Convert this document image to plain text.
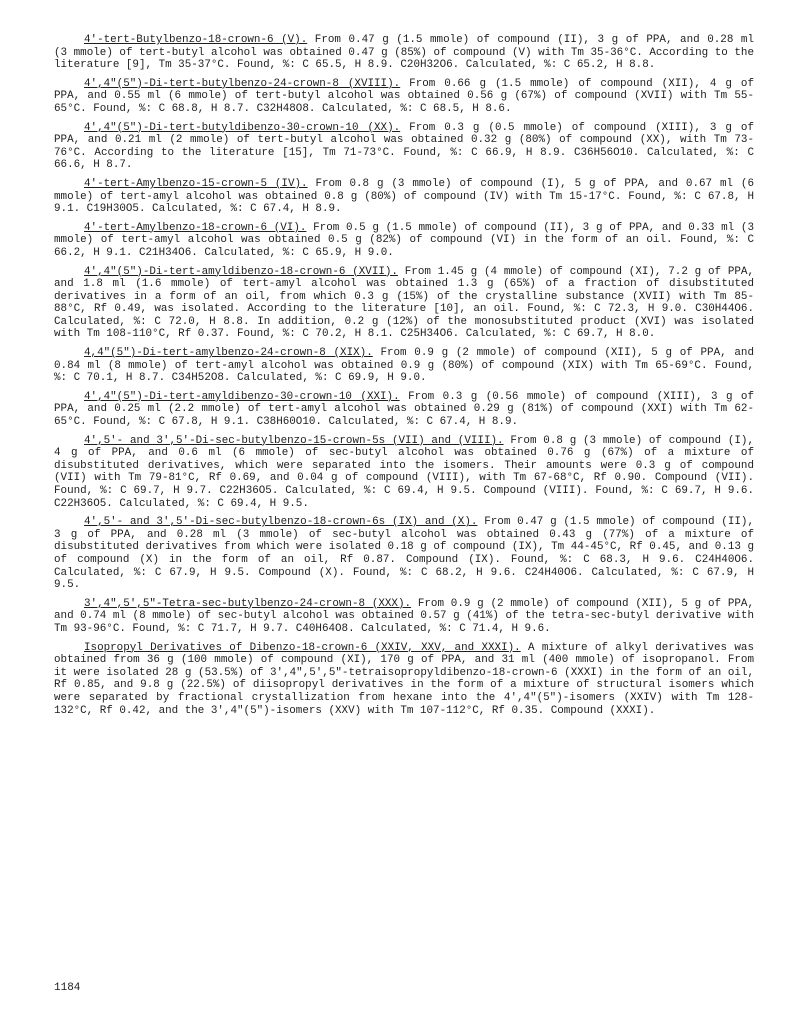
4'-tert-Butylbenzo-18-crown-6 (V). From 0.47 g (1.5 mmole) of compound (II), 3 g of PPA, and 0.28 ml (3 mmole) of tert-butyl alcohol was obtained 0.47 g (85%) of compound (V) with Tm 35-36°C. According to the literature [9], Tm 35-37°C. Found, %: C 65.5, H 8.9. C20H32O6. Calculated, %: C 65.2, H 8.8.

4',4"(5")-Di-tert-butylbenzo-24-crown-8 (XVIII). From 0.66 g (1.5 mmole) of compound (XII), 4 g of PPA, and 0.55 ml (6 mmole) of tert-butyl alcohol was obtained 0.56 g (67%) of compound (XVII) with Tm 55-65°C. Found, %: C 68.8, H 8.7. C32H48O8. Calculated, %: C 68.5, H 8.6.

4',4"(5")-Di-tert-butyldibenzo-30-crown-10 (XX). From 0.3 g (0.5 mmole) of compound (XIII), 3 g of PPA, and 0.21 ml (2 mmole) of tert-butyl alcohol was obtained 0.32 g (80%) of compound (XX), with Tm 73-76°C. According to the literature [15], Tm 71-73°C. Found, %: C 66.9, H 8.9. C36H56O10. Calculated, %: C 66.6, H 8.7.

4'-tert-Amylbenzo-15-crown-5 (IV). From 0.8 g (3 mmole) of compound (I), 5 g of PPA, and 0.67 ml (6 mmole) of tert-amyl alcohol was obtained 0.8 g (80%) of compound (IV) with Tm 15-17°C. Found, %: C 67.8, H 9.1. C19H30O5. Calculated, %: C 67.4, H 8.9.

4'-tert-Amylbenzo-18-crown-6 (VI). From 0.5 g (1.5 mmole) of compound (II), 3 g of PPA, and 0.33 ml (3 mmole) of tert-amyl alcohol was obtained 0.5 g (82%) of compound (VI) in the form of an oil. Found, %: C 66.2, H 9.1. C21H34O6. Calculated, %: C 65.9, H 9.0.

4',4"(5")-Di-tert-amyldibenzo-18-crown-6 (XVII). From 1.45 g (4 mmole) of compound (XI), 7.2 g of PPA, and 1.8 ml (1.6 mmole) of tert-amyl alcohol was obtained 1.3 g (65%) of a fraction of disubstituted derivatives in a form of an oil, from which 0.3 g (15%) of the crystalline substance (XVII) with Tm 85-88°C, Rf 0.49, was isolated. According to the literature [10], an oil. Found, %: C 72.3, H 9.0. C30H44O6. Calculated, %: C 72.0, H 8.8. In addition, 0.2 g (12%) of the monosubstituted product (XVI) was isolated with Tm 108-110°C, Rf 0.37. Found, %: C 70.2, H 8.1. C25H34O6. Calculated, %: C 69.7, H 8.0.

4,4"(5")-Di-tert-amylbenzo-24-crown-8 (XIX). From 0.9 g (2 mmole) of compound (XII), 5 g of PPA, and 0.84 ml (8 mmole) of tert-amyl alcohol was obtained 0.9 g (80%) of compound (XIX) with Tm 65-69°C. Found, %: C 70.1, H 8.7. C34H52O8. Calculated, %: C 69.9, H 9.0.

4',4"(5")-Di-tert-amyldibenzo-30-crown-10 (XXI). From 0.3 g (0.56 mmole) of compound (XIII), 3 g of PPA, and 0.25 ml (2.2 mmole) of tert-amyl alcohol was obtained 0.29 g (81%) of compound (XXI) with Tm 62-65°C. Found, %: C 67.8, H 9.1. C38H60O10. Calculated, %: C 67.4, H 8.9.

4',5'- and 3',5'-Di-sec-butylbenzo-15-crown-5s (VII) and (VIII). From 0.8 g (3 mmole) of compound (I), 4 g of PPA, and 0.6 ml (6 mmole) of sec-butyl alcohol was obtained 0.76 g (67%) of a mixture of disubstituted derivatives, which were separated into the isomers. Their amounts were 0.3 g of compound (VII) with Tm 79-81°C, Rf 0.69, and 0.04 g of compound (VIII), with Tm 67-68°C, Rf 0.90. Compound (VII). Found, %: C 69.7, H 9.7. C22H36O5. Calculated, %: C 69.4, H 9.5. Compound (VIII). Found, %: C 69.7, H 9.6. C22H36O5. Calculated, %: C 69.4, H 9.5.

4',5'- and 3',5'-Di-sec-butylbenzo-18-crown-6s (IX) and (X). From 0.47 g (1.5 mmole) of compound (II), 3 g of PPA, and 0.28 ml (3 mmole) of sec-butyl alcohol was obtained 0.43 g (77%) of a mixture of disubstituted derivatives from which were isolated 0.18 g of compound (IX), Tm 44-45°C, Rf 0.45, and 0.13 g of compound (X) in the form of an oil, Rf 0.87. Compound (IX). Found, %: C 68.3, H 9.6. C24H40O6. Calculated, %: C 67.9, H 9.5. Compound (X). Found, %: C 68.2, H 9.6. C24H40O6. Calculated, %: C 67.9, H 9.5.

3',4",5',5"-Tetra-sec-butylbenzo-24-crown-8 (XXX). From 0.9 g (2 mmole) of compound (XII), 5 g of PPA, and 0.74 ml (8 mmole) of sec-butyl alcohol was obtained 0.57 g (41%) of the tetra-sec-butyl derivative with Tm 93-96°C. Found, %: C 71.7, H 9.7. C40H64O8. Calculated, %: C 71.4, H 9.6.

Isopropyl Derivatives of Dibenzo-18-crown-6 (XXIV, XXV, and XXXI). A mixture of alkyl derivatives was obtained from 36 g (100 mmole) of compound (XI), 170 g of PPA, and 31 ml (400 mmole) of isopropanol. From it were isolated 28 g (53.5%) of 3',4",5',5"-tetraisopropyldibenzo-18-crown-6 (XXXI) in the form of an oil, Rf 0.85, and 9.8 g (22.5%) of diisopropyl derivatives in the form of a mixture of structural isomers which were separated by fractional crystallization from hexane into the 4',4"(5")-isomers (XXIV) with Tm 128-132°C, Rf 0.42, and the 3',4"(5")-isomers (XXV) with Tm 107-112°C, Rf 0.35. Compound (XXXI).

1184
